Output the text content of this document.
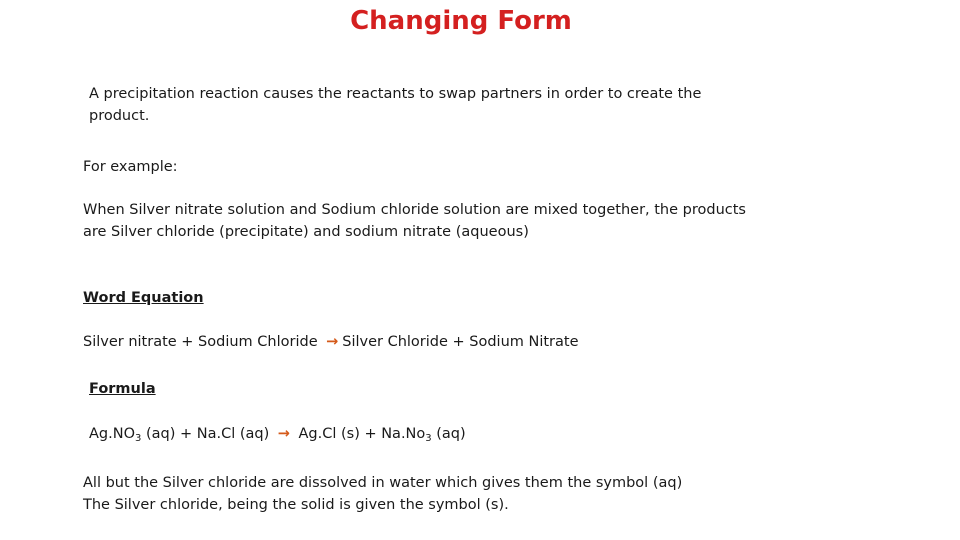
Changing Form

A precipitation reaction causes the reactants to swap partners in order to create the
product.

For example:

When Silver nitrate solution and Sodium chloride solution are mixed together, the products
are Silver chloride (precipitate) and sodium nitrate (aqueous)

Word Equation

Silver nitrate + Sodium Chloride → Silver Chloride + Sodium Nitrate

Formula

$Ag.NO_3$ (aq) + Na.Cl (aq) → Ag.Cl $(s) + Na.No_3$ (aq)

All but the Silver chloride are dissolved in water which gives them the symbol (aq)
The Silver chloride, being the solid is given the symbol (s).
